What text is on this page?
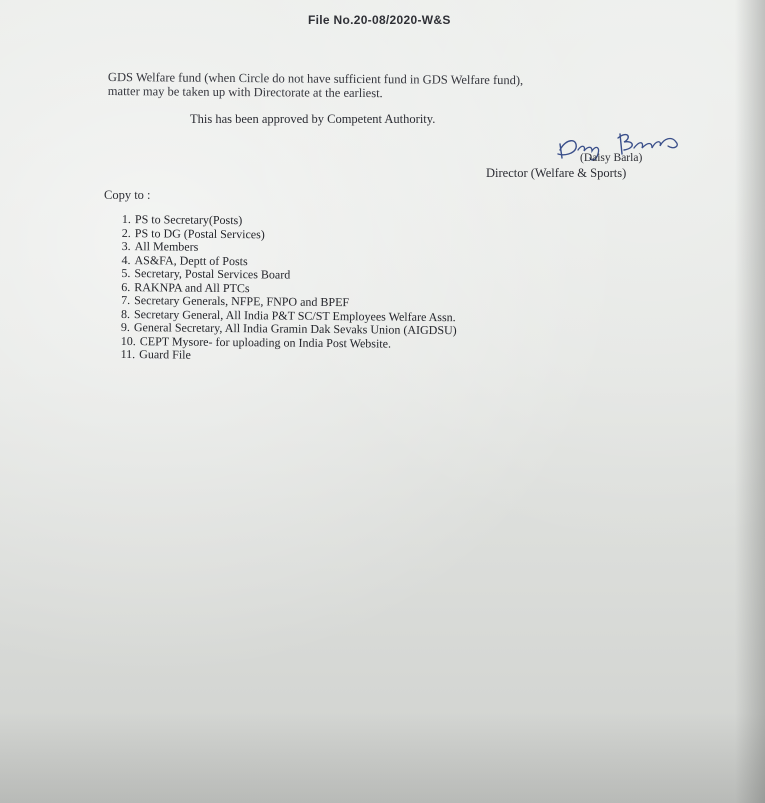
File No.20-08/2020-W&S
GDS Welfare fund (when Circle do not have sufficient fund in GDS Welfare fund),
matter may be taken up with Directorate at the earliest.
This has been approved by Competent Authority.
(Daisy Barla)
Director (Welfare & Sports)
Copy to :
1. PS to Secretary(Posts)
2. PS to DG (Postal Services)
3. All Members
4. AS&FA, Deptt of Posts
5. Secretary, Postal Services Board
6. RAKNPA and All PTCs
7. Secretary Generals, NFPE, FNPO and BPEF
8. Secretary General, All India P&T SC/ST Employees Welfare Assn.
9. General Secretary, All India Gramin Dak Sevaks Union (AIGDSU)
10. CEPT Mysore- for uploading on India Post Website.
11. Guard File
